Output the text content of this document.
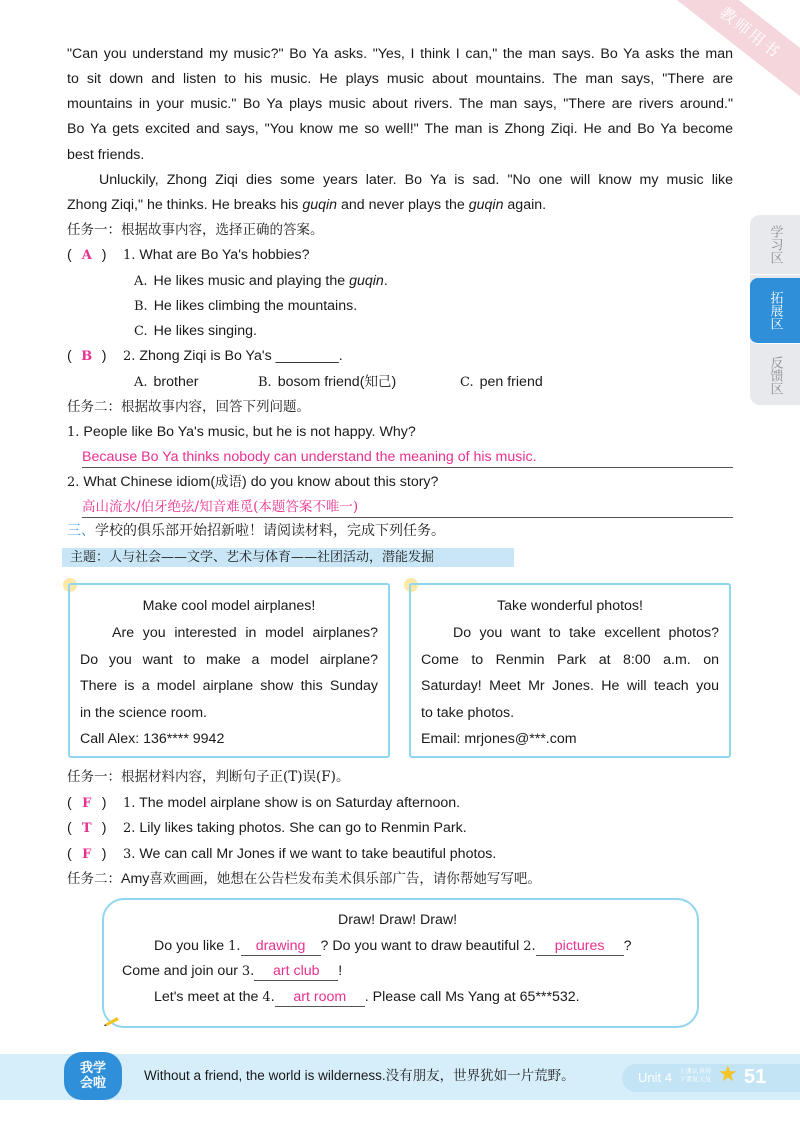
教师用书
学习区
拓展区
反馈区
"Can you understand my music?" Bo Ya asks. "Yes, I think I can," the man says. Bo Ya asks the man
to sit down and listen to his music. He plays music about mountains. The man says, "There are
mountains in your music." Bo Ya plays music about rivers. The man says, "There are rivers around."
Bo Ya gets excited and says, "You know me so well!" The man is Zhong Ziqi. He and Bo Ya become
best friends.
Unluckily, Zhong Ziqi dies some years later. Bo Ya is sad. "No one will know my music like
Zhong Ziqi," he thinks. He breaks his guqin and never plays the guqin again.
任务一：根据故事内容，选择正确的答案。
( A ) 1. What are Bo Ya's hobbies?
A. He likes music and playing the guqin.
B. He likes climbing the mountains.
C. He likes singing.
( B ) 2. Zhong Ziqi is Bo Ya's ________.
A. brother	B. bosom friend(知己)	C. pen friend
任务二：根据故事内容，回答下列问题。
1. People like Bo Ya's music, but he is not happy. Why?
Because Bo Ya thinks nobody can understand the meaning of his music.
2. What Chinese idiom(成语) do you know about this story?
高山流水/伯牙绝弦/知音难觅(本题答案不唯一)
三、学校的俱乐部开始招新啦！请阅读材料，完成下列任务。
主题：人与社会——文学、艺术与体育——社团活动，潜能发掘
Make cool model airplanes!
Are you interested in model airplanes?
Do you want to make a model airplane?
There is a model airplane show this Sunday
in the science room.
Call Alex: 136**** 9942
Take wonderful photos!
Do you want to take excellent photos?
Come to Renmin Park at 8:00 a.m. on
Saturday! Meet Mr Jones. He will teach you
to take photos.
Email: mrjones@***.com
任务一：根据材料内容，判断句子正(T)误(F)。
( F ) 1. The model airplane show is on Saturday afternoon.
( T ) 2. Lily likes taking photos. She can go to Renmin Park.
( F ) 3. We can call Mr Jones if we want to take beautiful photos.
任务二：Amy喜欢画画，她想在公告栏发布美术俱乐部广告，请你帮她写写吧。
Draw! Draw! Draw!
Do you like 1. drawing ? Do you want to draw beautiful 2. pictures ?
Come and join our 3. art club !
Let's meet at the 4. art room . Please call Ms Yang at 65***532.
我学
会啦
Without a friend, the world is wilderness.没有朋友，世界犹如一片荒野。	Unit 4 上课认真听
下课复天复 ★ 51
